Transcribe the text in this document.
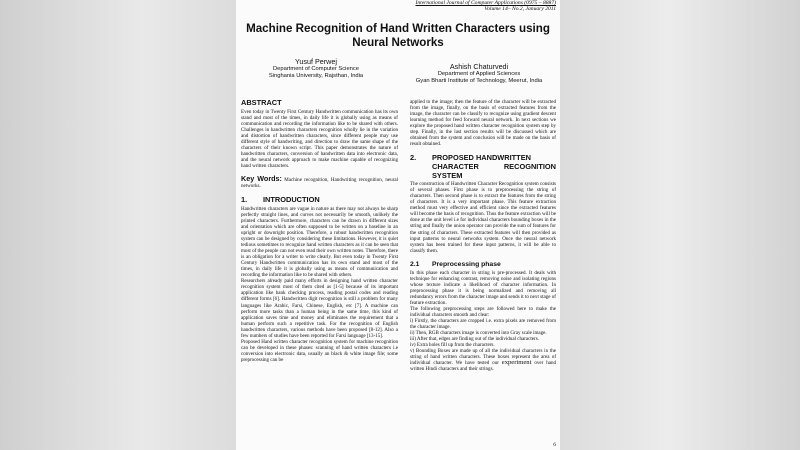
International Journal of Computer Applications (0975 – 8887)
Volume 14– No.2, January 2011
Machine Recognition of Hand Written Characters using
Neural Networks
Yusuf Perwej
Department of Computer Science
Singhania University, Rajsthan, India
Ashish Chaturvedi
Department of Applied Sciences
Gyan Bharti Institute of Technology, Meerut, India
ABSTRACT

Even today in Twenty First Century Handwritten communication has its own stand and most of the times, in daily life it is globally using as means of communication and recording the information like to be shared with others. Challenges in handwritten characters recognition wholly lie in the variation and distortion of handwritten characters, since different people may use different style of handwriting, and direction to draw the same shape of the characters of their known script. This paper demonstrates the nature of handwritten characters, conversion of handwritten data into electronic data, and the neural network approach to make machine capable of recognizing hand written characters.

Key Words: Machine recognition, Handwriting recognition, neural networks.

1. INTRODUCTION

Handwritten characters are vague in nature as there may not always be sharp perfectly straight lines, and curves not necessarily be smooth, unlikely the printed characters. Furthermore, characters can be drawn in different sizes and orientation which are often supposed to be written on a baseline in an upright or downright position. Therefore, a robust handwritten recognition system can be designed by considering these limitations. However, it is quiet tedious sometimes to recognize hand written characters as it can be seen that most of the people can not even read their own written notes. Therefore, there is an obligation for a writer to write clearly. But even today in Twenty First Century Handwritten communication has its own stand and most of the times, in daily life it is globally using as means of communication and recording the information like to be shared with others.

Researchers already paid many efforts in designing hand written character recognition system most of them cited as [1-5] because of its important application like bank checking process, reading postal codes and reading different forms [6]. Handwritten digit recognition is still a problem for many languages like Arabic, Farsi, Chinese, English, etc [7]. A machine can perform more tasks than a human being in the same time, this kind of application saves time and money and eliminates the requirement that a human perform such a repetitive task. For the recognition of English handwritten characters, various methods have been proposed [8-12]. Also a few numbers of studies have been reported for Farsi language [13-15].

Proposed Hand written character recognition system for machine recognition can be developed in these phases: scanning of hand written characters i.e conversion into electronic data, usually an black & white image file; some preprocessing can be

applied to the image; then the feature of the character will be extracted from the image, finally, on the basis of extracted features from the image, the character can be classify to recognize using gradient descent learning method for feed forward neural network. In next sections we explore the proposed hand written character recognition system step by step. Finally, in the last section results will be discussed which are obtained from the system and conclusion will be made on the basis of result obtained.

2. PROPOSED HANDWRITTEN
CHARACTER RECOGNITION SYSTEM

The construction of Handwritten Character Recognition system consists of several phases. First phase is to preprocessing the string of characters. Then second phase is to extract the features from the string of characters. It is a very important phase. This feature extraction method must very effective and efficient since the extracted features will become the basis of recognition. Thus the feature extraction will be done at the unit level i.e for individual characters bounding boxes in the string and finally the union operator can provide the sum of features for the string of characters. These extracted features will then provided as input patterns to neural networks system. Once the neural network system has been trained for these input patterns, it will be able to classify them.

2.1 Preprocessing phase

In this phase each character in string is pre-processed. It deals with technique for enhancing contrast, removing noise and isolating regions whose texture indicate a likelihood of character information. In preprocessing phase it is being normalized and removing all redundancy errors from the character image and sends it to next stage of feature extraction.

The following preprocessing steps are followed here to make the individual characters smooth and clear:

i) Firstly, the characters are cropped i.e. extra pixels are removed from the character image.

ii) Then, RGB characters image is converted into Gray scale image.

iii) After that, edges are finding out of the individual characters.

iv) Extra holes fill up from the characters.

v) Bounding Boxes are made up of all the individual characters in the string of hand written characters. These boxes represent the area of individual character. We have tested our experiment over hand written Hindi characters and their strings.

6
